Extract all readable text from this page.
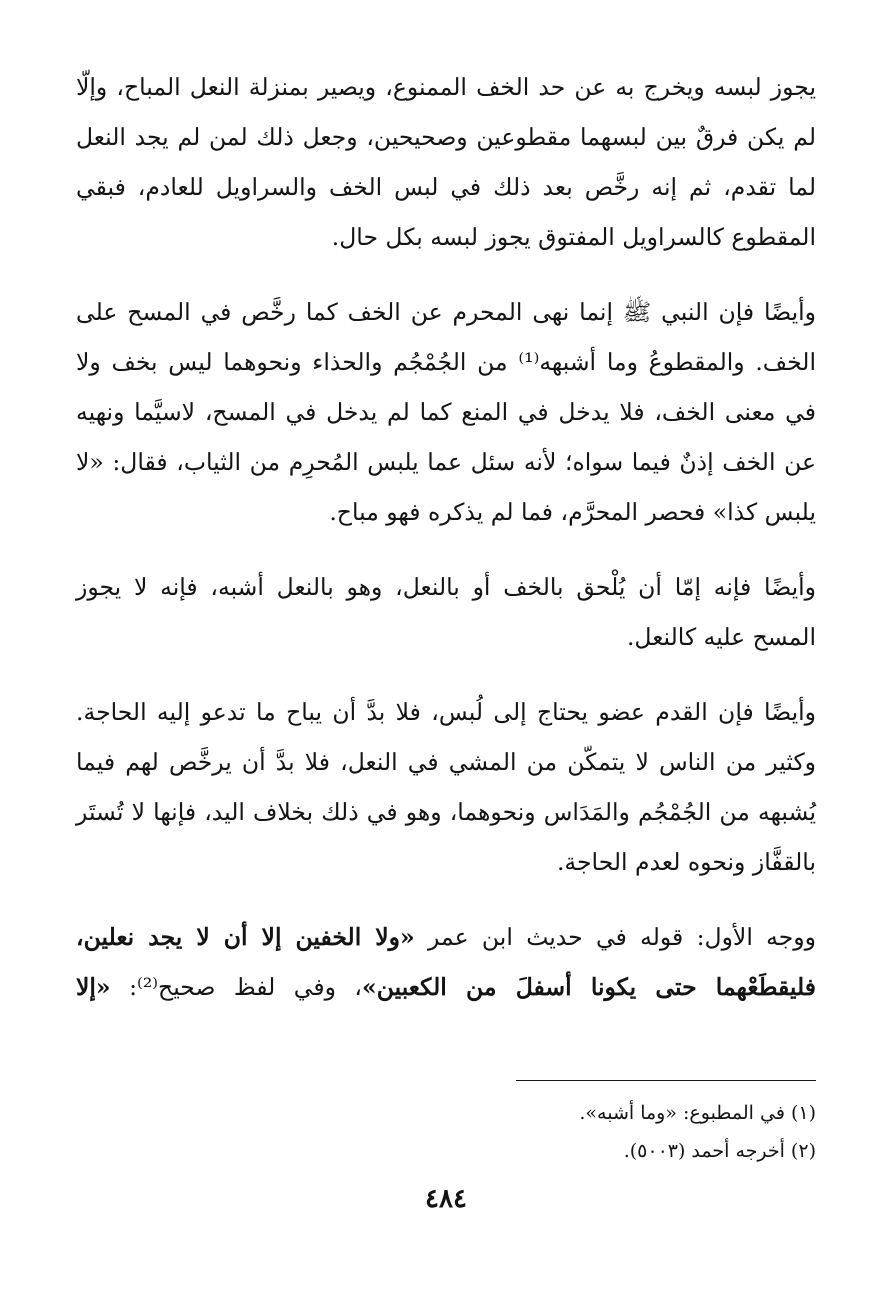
يجوز لبسه ويخرج به عن حد الخف الممنوع، ويصير بمنزلة النعل المباح، وإلّا لم يكن فرقٌ بين لبسهما مقطوعين وصحيحين، وجعل ذلك لمن لم يجد النعل لما تقدم، ثم إنه رخَّص بعد ذلك في لبس الخف والسراويل للعادم، فبقي المقطوع كالسراويل المفتوق يجوز لبسه بكل حال.

وأيضًا فإن النبي ﷺ إنما نهى المحرم عن الخف كما رخَّص في المسح على الخف. والمقطوعُ وما أشبهه⁽¹⁾ من الجُمْجُم والحذاء ونحوهما ليس بخف ولا في معنى الخف، فلا يدخل في المنع كما لم يدخل في المسح، لاسيَّما ونهيه عن الخف إذنٌ فيما سواه؛ لأنه سئل عما يلبس المُحرِم من الثياب، فقال: «لا يلبس كذا» فحصر المحرَّم، فما لم يذكره فهو مباح.

وأيضًا فإنه إمّا أن يُلْحق بالخف أو بالنعل، وهو بالنعل أشبه، فإنه لا يجوز المسح عليه كالنعل.

وأيضًا فإن القدم عضو يحتاج إلى لُبس، فلا بدَّ أن يباح ما تدعو إليه الحاجة. وكثير من الناس لا يتمكّن من المشي في النعل، فلا بدَّ أن يرخَّص لهم فيما يُشبهه من الجُمْجُم والمَدَاس ونحوهما، وهو في ذلك بخلاف اليد، فإنها لا تُستَر بالقفَّاز ونحوه لعدم الحاجة.

ووجه الأول: قوله في حديث ابن عمر «ولا الخفين إلا أن لا يجد نعلين، فليقطَعْهما حتى يكونا أسفلَ من الكعبين»، وفي لفظ صحيح⁽²⁾: «إلا

(١) في المطبوع: «وما أشبه».
(٢) أخرجه أحمد (٥٠٠٣).
٤٨٤
